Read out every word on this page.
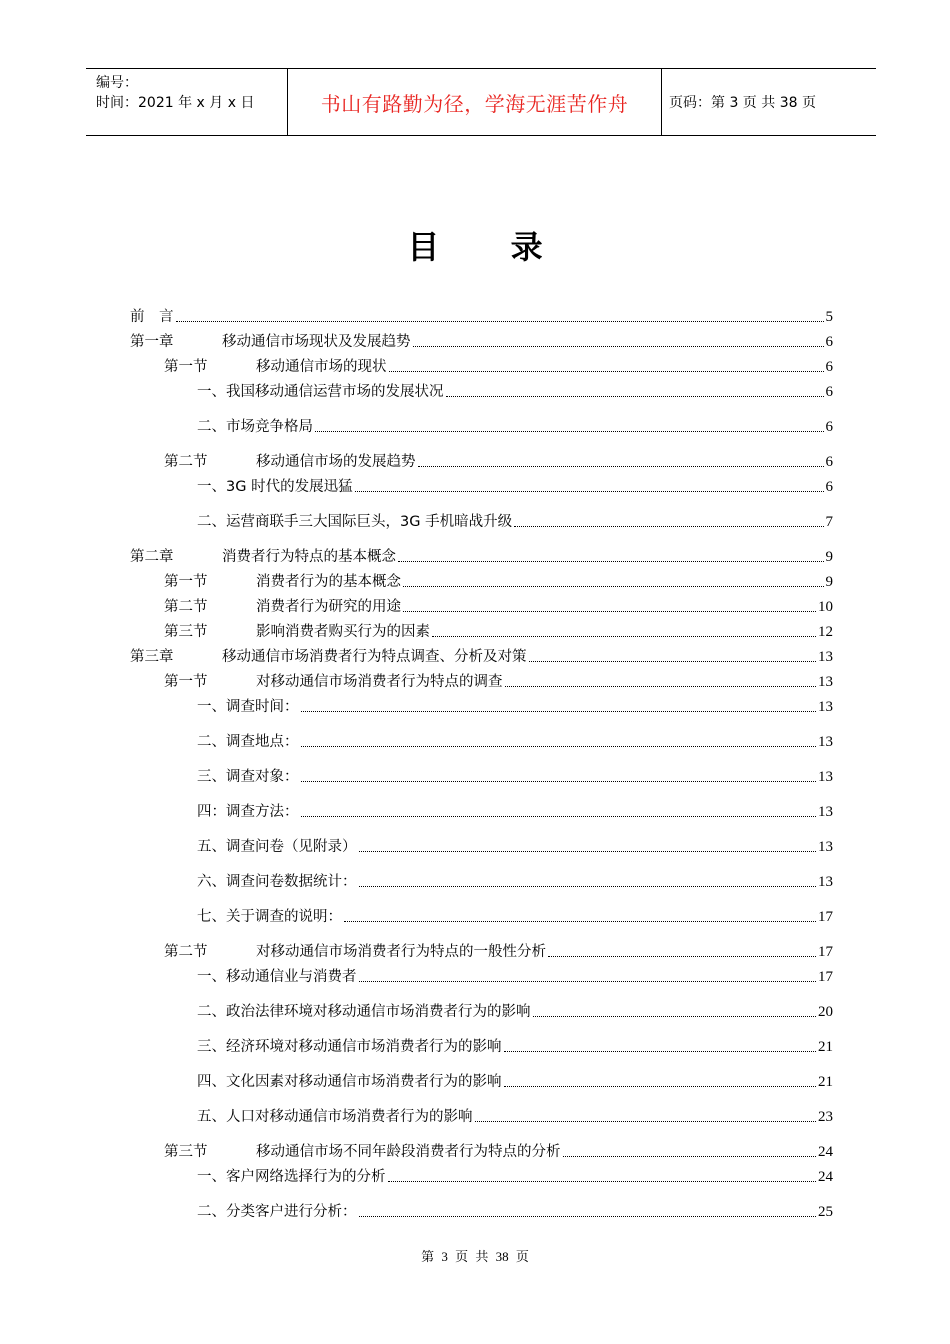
编号：
时间：2021 年 x 月 x 日	书山有路勤为径，学海无涯苦作舟	页码：第 3 页 共 38 页
目 录
前　言	5
第一章	移动通信市场现状及发展趋势	6
第一节	移动通信市场的现状	6
一、我国移动通信运营市场的发展状况	6
二、市场竞争格局	6
第二节	移动通信市场的发展趋势	6
一、3G 时代的发展迅猛	6
二、运营商联手三大国际巨头，3G 手机暗战升级	7
第二章	消费者行为特点的基本概念	9
第一节	消费者行为的基本概念	9
第二节	消费者行为研究的用途	10
第三节	影响消费者购买行为的因素	12
第三章	移动通信市场消费者行为特点调查、分析及对策	13
第一节	对移动通信市场消费者行为特点的调查	13
一、调查时间：	13
二、调查地点：	13
三、调查对象：	13
四：调查方法：	13
五、调查问卷（见附录）	13
六、调查问卷数据统计：	13
七、关于调查的说明：	17
第二节	对移动通信市场消费者行为特点的一般性分析	17
一、移动通信业与消费者	17
二、政治法律环境对移动通信市场消费者行为的影响	20
三、经济环境对移动通信市场消费者行为的影响	21
四、文化因素对移动通信市场消费者行为的影响	21
五、人口对移动通信市场消费者行为的影响	23
第三节	移动通信市场不同年龄段消费者行为特点的分析	24
一、客户网络选择行为的分析	24
二、分类客户进行分析：	25
第 3 页 共 38 页
